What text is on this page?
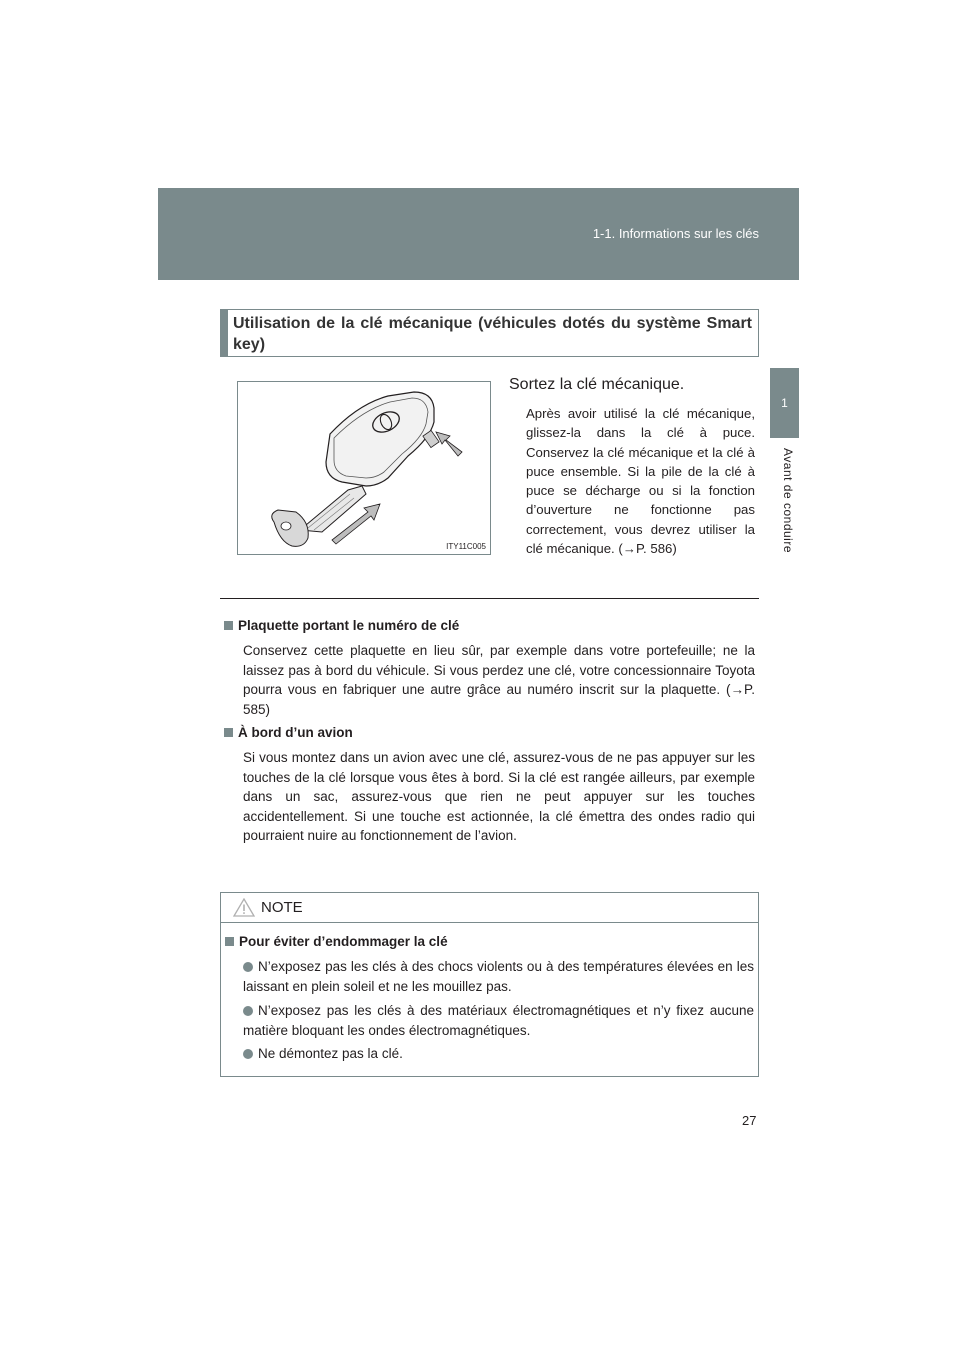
1-1. Informations sur les clés
1
Avant de conduire
Utilisation de la clé mécanique (véhicules dotés du système Smart key)
ITY11C005
Sortez la clé mécanique.
Après avoir utilisé la clé mécanique, glissez-la dans la clé à puce. Conservez la clé mécanique et la clé à puce ensemble. Si la pile de la clé à puce se décharge ou si la fonction d’ouverture ne fonctionne pas correctement, vous devrez utiliser la clé mécanique. (→P. 586)
Plaquette portant le numéro de clé
Conservez cette plaquette en lieu sûr, par exemple dans votre portefeuille; ne la laissez pas à bord du véhicule. Si vous perdez une clé, votre concessionnaire Toyota pourra vous en fabriquer une autre grâce au numéro inscrit sur la plaquette. (→P. 585)
À bord d’un avion
Si vous montez dans un avion avec une clé, assurez-vous de ne pas appuyer sur les touches de la clé lorsque vous êtes à bord. Si la clé est rangée ailleurs, par exemple dans un sac, assurez-vous que rien ne peut appuyer sur les touches accidentellement. Si une touche est actionnée, la clé émettra des ondes radio qui pourraient nuire au fonctionnement de l’avion.
NOTE
Pour éviter d’endommager la clé
N’exposez pas les clés à des chocs violents ou à des températures élevées en les laissant en plein soleil et ne les mouillez pas.
N’exposez pas les clés à des matériaux électromagnétiques et n’y fixez aucune matière bloquant les ondes électromagnétiques.
Ne démontez pas la clé.
27
